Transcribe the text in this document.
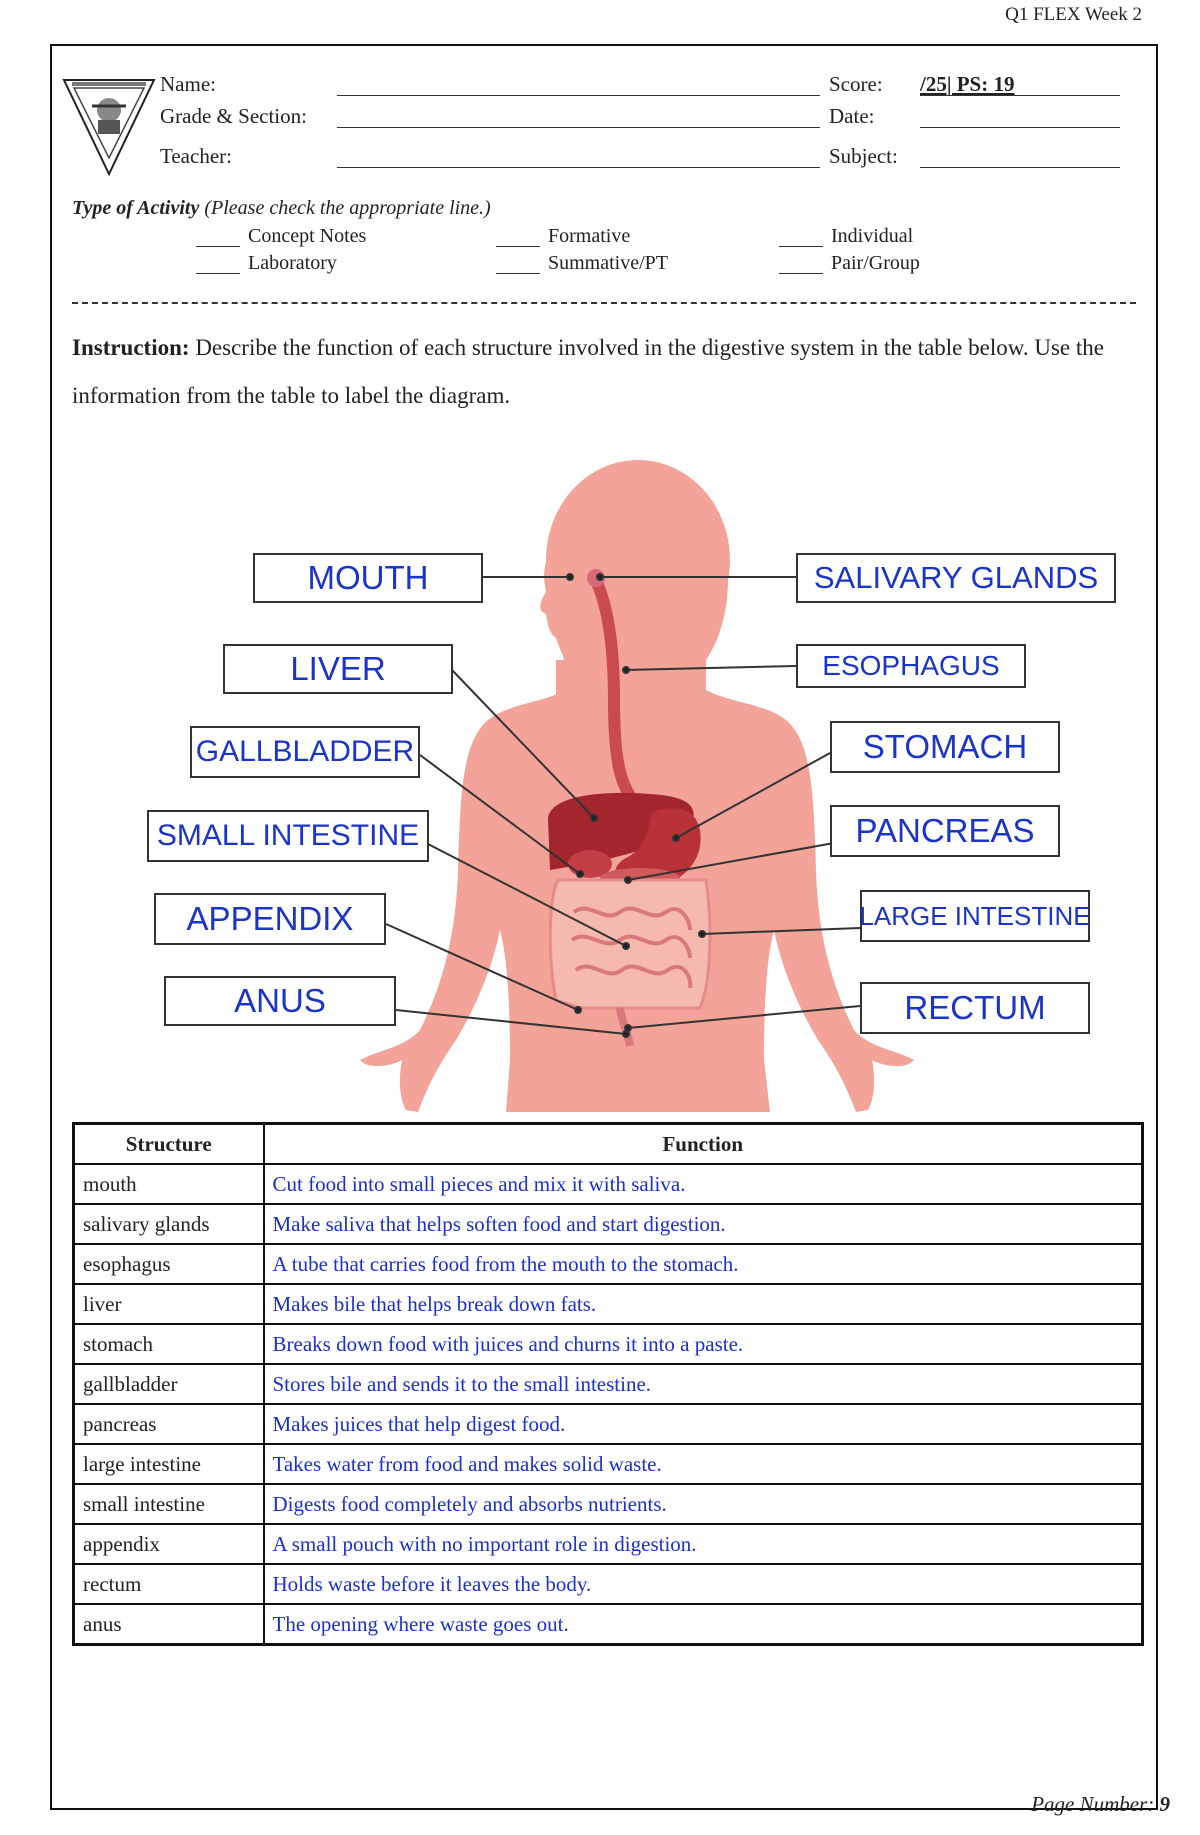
Q1 FLEX Week 2
Name:
Grade & Section:
Teacher:
Score: /25| PS: 19
Date:
Subject:
Type of Activity (Please check the appropriate line.)
Concept Notes
Laboratory
Formative
Summative/PT
Individual
Pair/Group
Instruction: Describe the function of each structure involved in the digestive system in the table below. Use the information from the table to label the diagram.
MOUTH	SALIVARY GLANDS
LIVER	ESOPHAGUS
GALLBLADDER	STOMACH
SMALL INTESTINE	PANCREAS
APPENDIX	LARGE INTESTINE
ANUS	RECTUM
Structure	Function
mouth	Cut food into small pieces and mix it with saliva.
salivary glands	Make saliva that helps soften food and start digestion.
esophagus	A tube that carries food from the mouth to the stomach.
liver	Makes bile that helps break down fats.
stomach	Breaks down food with juices and churns it into a paste.
gallbladder	Stores bile and sends it to the small intestine.
pancreas	Makes juices that help digest food.
large intestine	Takes water from food and makes solid waste.
small intestine	Digests food completely and absorbs nutrients.
appendix	A small pouch with no important role in digestion.
rectum	Holds waste before it leaves the body.
anus	The opening where waste goes out.
Page Number: 9
